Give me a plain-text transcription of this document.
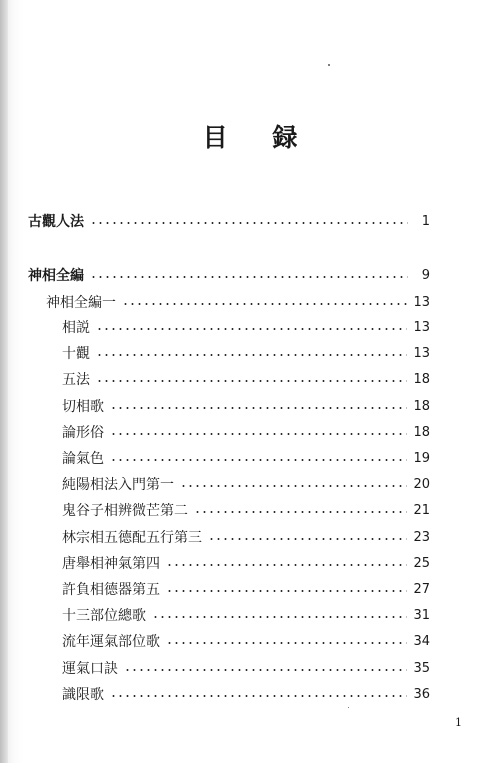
目 録
古觀人法	1
神相全編	9
神相全編一	13
相説	13
十觀	13
五法	18
切相歌	18
論形俗	18
論氣色	19
純陽相法入門第一	20
鬼谷子相辨微芒第二	21
林宗相五德配五行第三	23
唐舉相神氣第四	25
許負相德器第五	27
十三部位總歌	31
流年運氣部位歌	34
運氣口訣	35
識限歌	36
1
